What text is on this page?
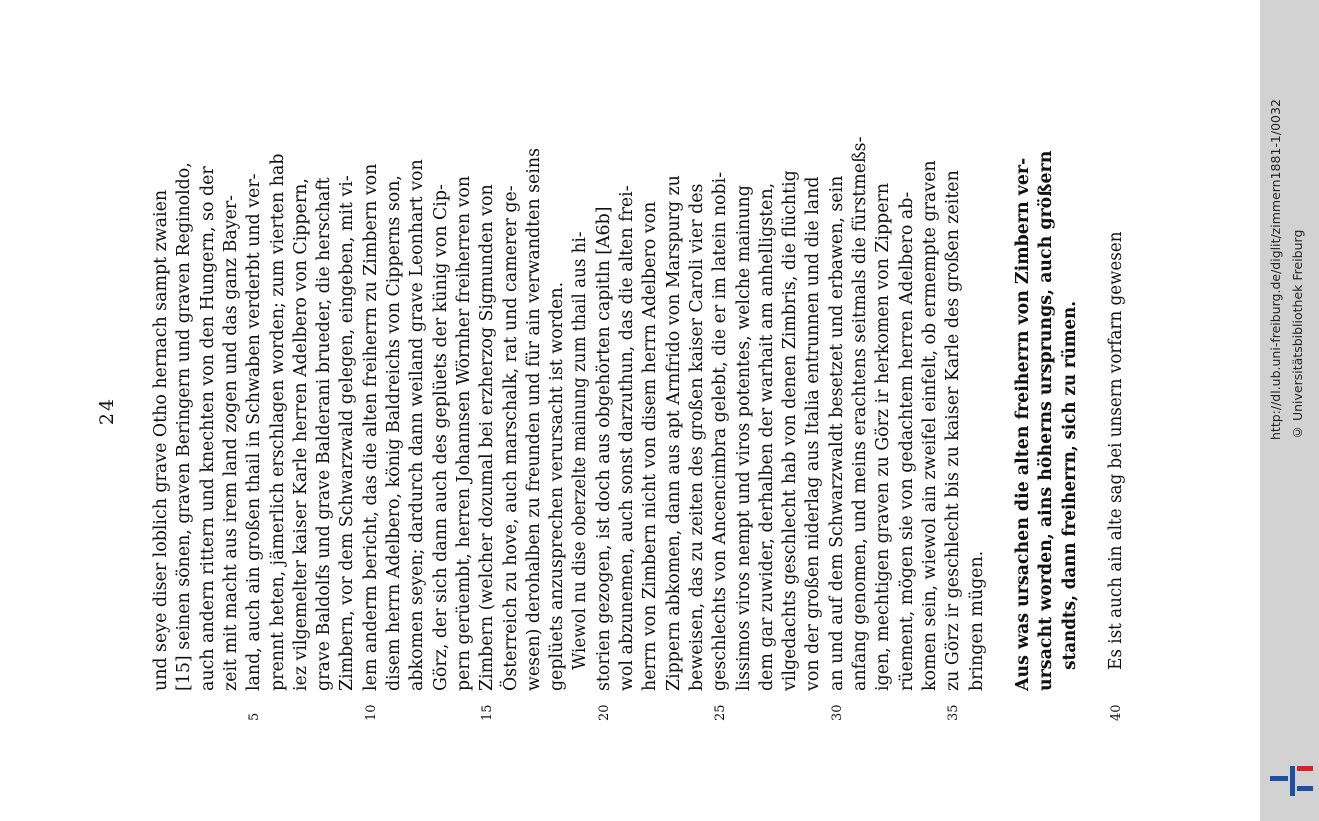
24 und seye diser loblich grave Otho hernach sampt zwaien [15] seinen sönen, graven Beringern und graven Reginoldo, auch andern rittern und knechten von den Hungern, so der zeit mit macht aus irem land zogen und das ganz Bayer-
5
land, auch ain großen thail in Schwaben verderbt und ver- prennt heten, jämerlich erschlagen worden; zum vierten hab iez vilgemelter kaiser Karle herren Adelbero von Cippern, grave Baldolfs und grave Balderani brueder, die herschaft Zimbern, vor dem Schwarzwald gelegen, eingeben, mit vi-
10
lem anderm bericht, das die alten freiherrn zu Zimbern von disem herrn Adelbero, könig Baldreichs von Cipperns son, abkomen seyen; dardurch dann weiland grave Leonhart von Görz, der sich dann auch des geplüets der künig von Cip- pern gerüembt, herren Johannsen Wörnher freiherren von
15
Zimbern (welcher dozumal bei erzherzog Sigmunden von Österreich zu hove, auch marschalk, rat und camerer ge- wesen) derohalben zu freunden und für ain verwandten seins geplüets anzusprechen verursacht ist worden. Wiewol nu dise oberzelte mainung zum thail aus hi-
20
storien gezogen, ist doch aus obgehörten capitln [A6b] wol abzunemen, auch sonst darzuthun, das die alten frei- herrn von Zimbern nicht von disem herrn Adelbero von Zippern abkomen, dann aus apt Arnfrido von Marspurg zu beweisen, das zu zeiten des großen kaiser Caroli vier des
25
geschlechts von Ancencimbra gelebt, die er im latein nobi- lissimos viros nempt und viros potentes, welche mainung dem gar zuwider, derhalben der warhait am anhelligsten, vilgedachts geschlecht hab von denen Zimbris, die flüchtig von der großen niderlag aus Italia entrunnen und die land
30
an und auf dem Schwarzwaldt besetzet und erbawen, sein anfang genomen, und meins erachtens seitmals die fürstmeßs- igen, mechtigen graven zu Görz ir herkomen von Zippern rüement, mögen sie von gedachtem herren Adelbero ab- komen sein, wiewol ain zweifel einfelt, ob ermempte graven
35
zu Görz ir geschlecht bis zu kaiser Karle des großen zeiten bringen mügen. Aus was ursachen die alten freiherrn von Zimbern ver- ursacht worden, ains höherns ursprungs, auch größern standts, dann freiherrn, sich zu rümen.
40
Es ist auch ain alte sag bei unsern vorfarn gewesen	http://dl.ub.uni-freiburg.de/diglit/zimmern1881-1/0032 © Universitätsbibliothek Freiburg
